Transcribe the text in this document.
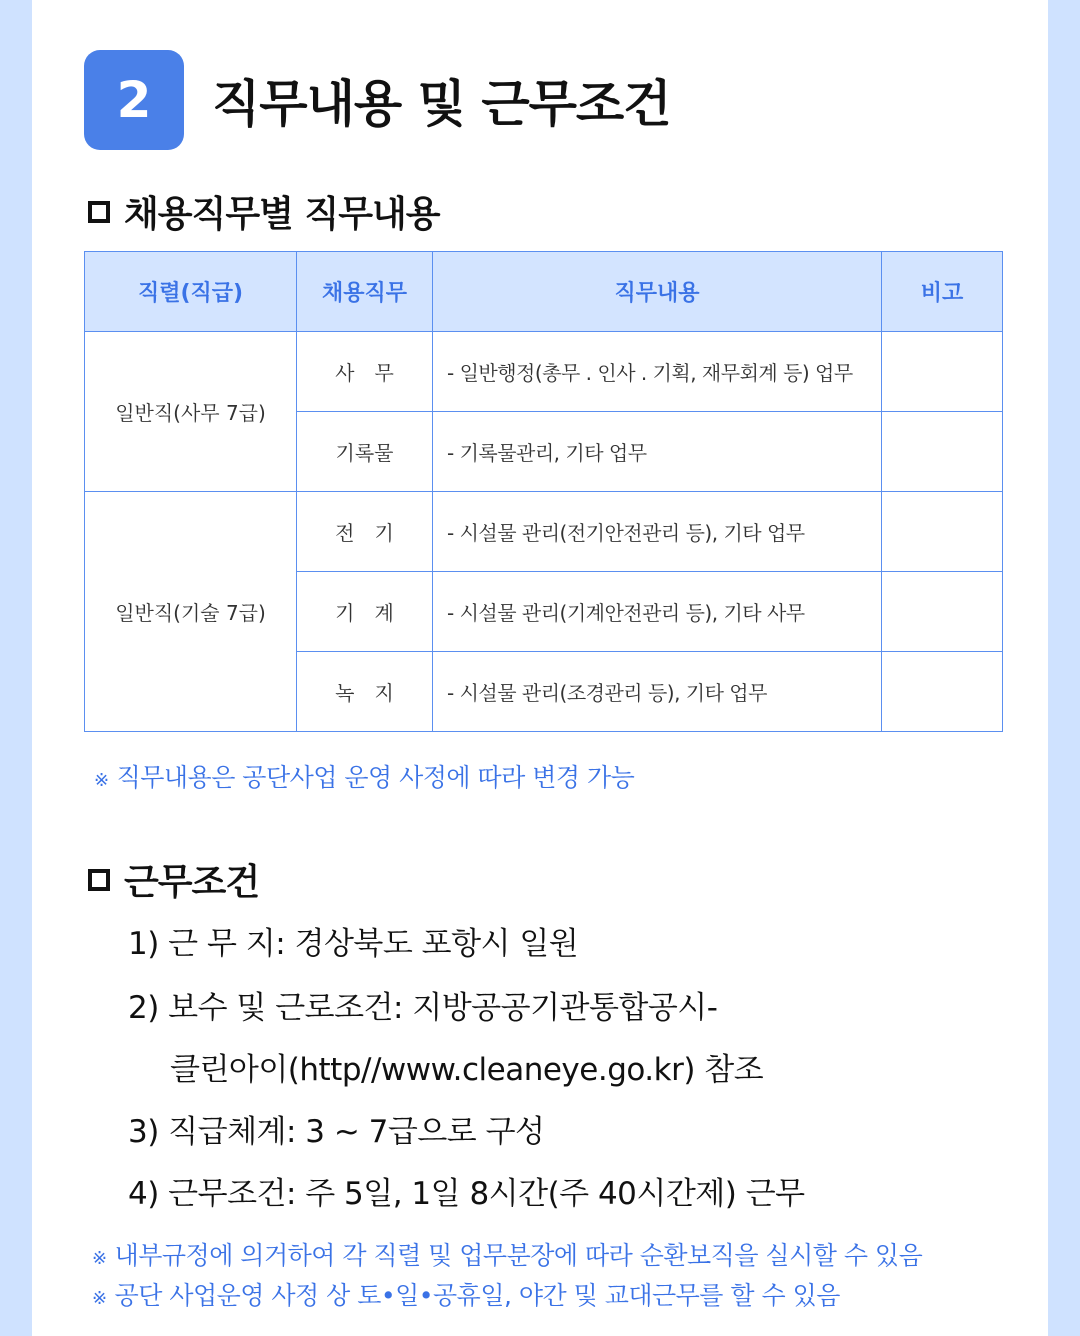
2	직무내용 및 근무조건
채용직무별 직무내용
직렬(직급)	채용직무	직무내용	비고
일반직(사무 7급)	사　무	- 일반행정(총무 . 인사 . 기획, 재무회계 등) 업무	
	기록물	- 기록물관리, 기타 업무	
일반직(기술 7급)	전　기	- 시설물 관리(전기안전관리 등), 기타 업무	
	기　계	- 시설물 관리(기계안전관리 등), 기타 사무	
	녹　지	- 시설물 관리(조경관리 등), 기타 업무	
※ 직무내용은 공단사업 운영 사정에 따라 변경 가능
근무조건
1) 근 무 지: 경상북도 포항시 일원
2) 보수 및 근로조건: 지방공공기관통합공시-
클린아이(http//www.cleaneye.go.kr) 참조
3) 직급체계: 3 ~ 7급으로 구성
4) 근무조건: 주 5일, 1일 8시간(주 40시간제) 근무
※ 내부규정에 의거하여 각 직렬 및 업무분장에 따라 순환보직을 실시할 수 있음
※ 공단 사업운영 사정 상 토•일•공휴일, 야간 및 교대근무를 할 수 있음
